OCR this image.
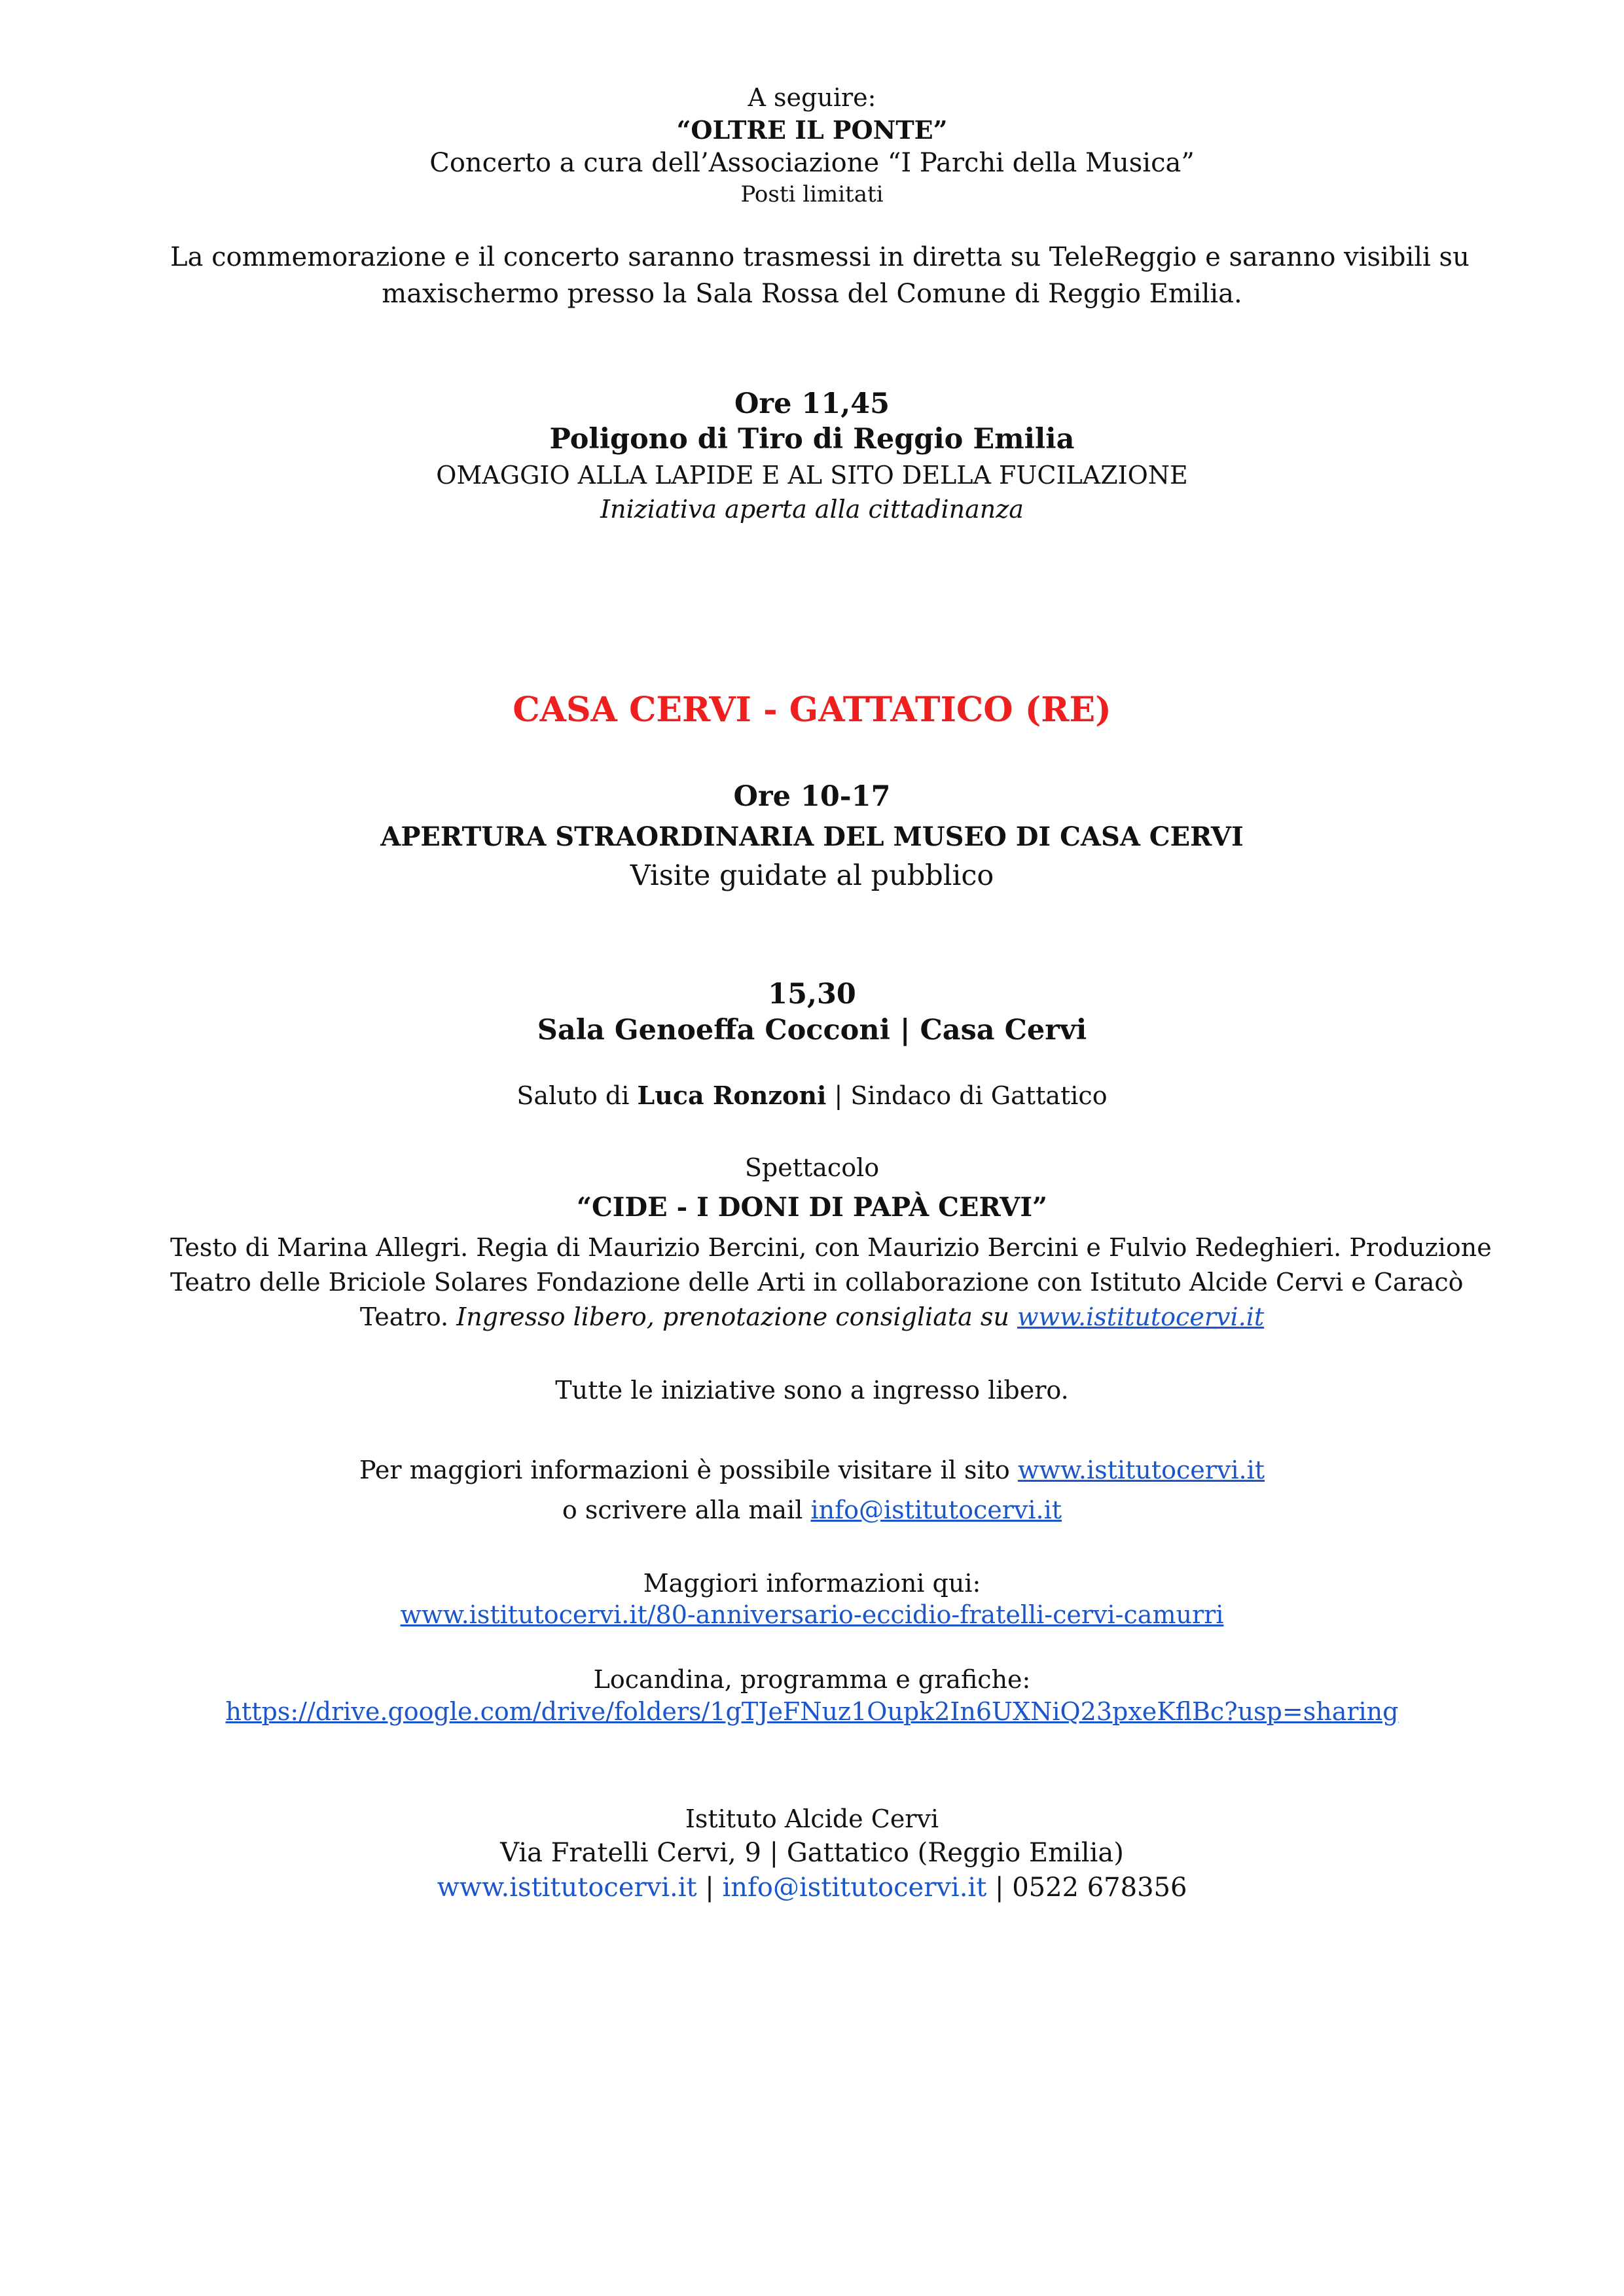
A seguire:
“OLTRE IL PONTE”
Concerto a cura dell’Associazione “I Parchi della Musica”
Posti limitati
La commemorazione e il concerto saranno trasmessi in diretta su TeleReggio e saranno visibili su
maxischermo presso la Sala Rossa del Comune di Reggio Emilia.
Ore 11,45
Poligono di Tiro di Reggio Emilia
OMAGGIO ALLA LAPIDE E AL SITO DELLA FUCILAZIONE
Iniziativa aperta alla cittadinanza
CASA CERVI - GATTATICO (RE)
Ore 10-17
APERTURA STRAORDINARIA DEL MUSEO DI CASA CERVI
Visite guidate al pubblico
15,30
Sala Genoeffa Cocconi | Casa Cervi
Saluto di Luca Ronzoni | Sindaco di Gattatico
Spettacolo
“CIDE - I DONI DI PAPÀ CERVI”
Testo di Marina Allegri. Regia di Maurizio Bercini, con Maurizio Bercini e Fulvio Redeghieri. Produzione
Teatro delle Briciole Solares Fondazione delle Arti in collaborazione con Istituto Alcide Cervi e Caracò
Teatro. Ingresso libero, prenotazione consigliata su www.istitutocervi.it
Tutte le iniziative sono a ingresso libero.
Per maggiori informazioni è possibile visitare il sito www.istitutocervi.it
o scrivere alla mail info@istitutocervi.it
Maggiori informazioni qui:
www.istitutocervi.it/80-anniversario-eccidio-fratelli-cervi-camurri
Locandina, programma e grafiche:
https://drive.google.com/drive/folders/1gTJeFNuz1Oupk2In6UXNiQ23pxeKflBc?usp=sharing
Istituto Alcide Cervi
Via Fratelli Cervi, 9 | Gattatico (Reggio Emilia)
www.istitutocervi.it | info@istitutocervi.it | 0522 678356
